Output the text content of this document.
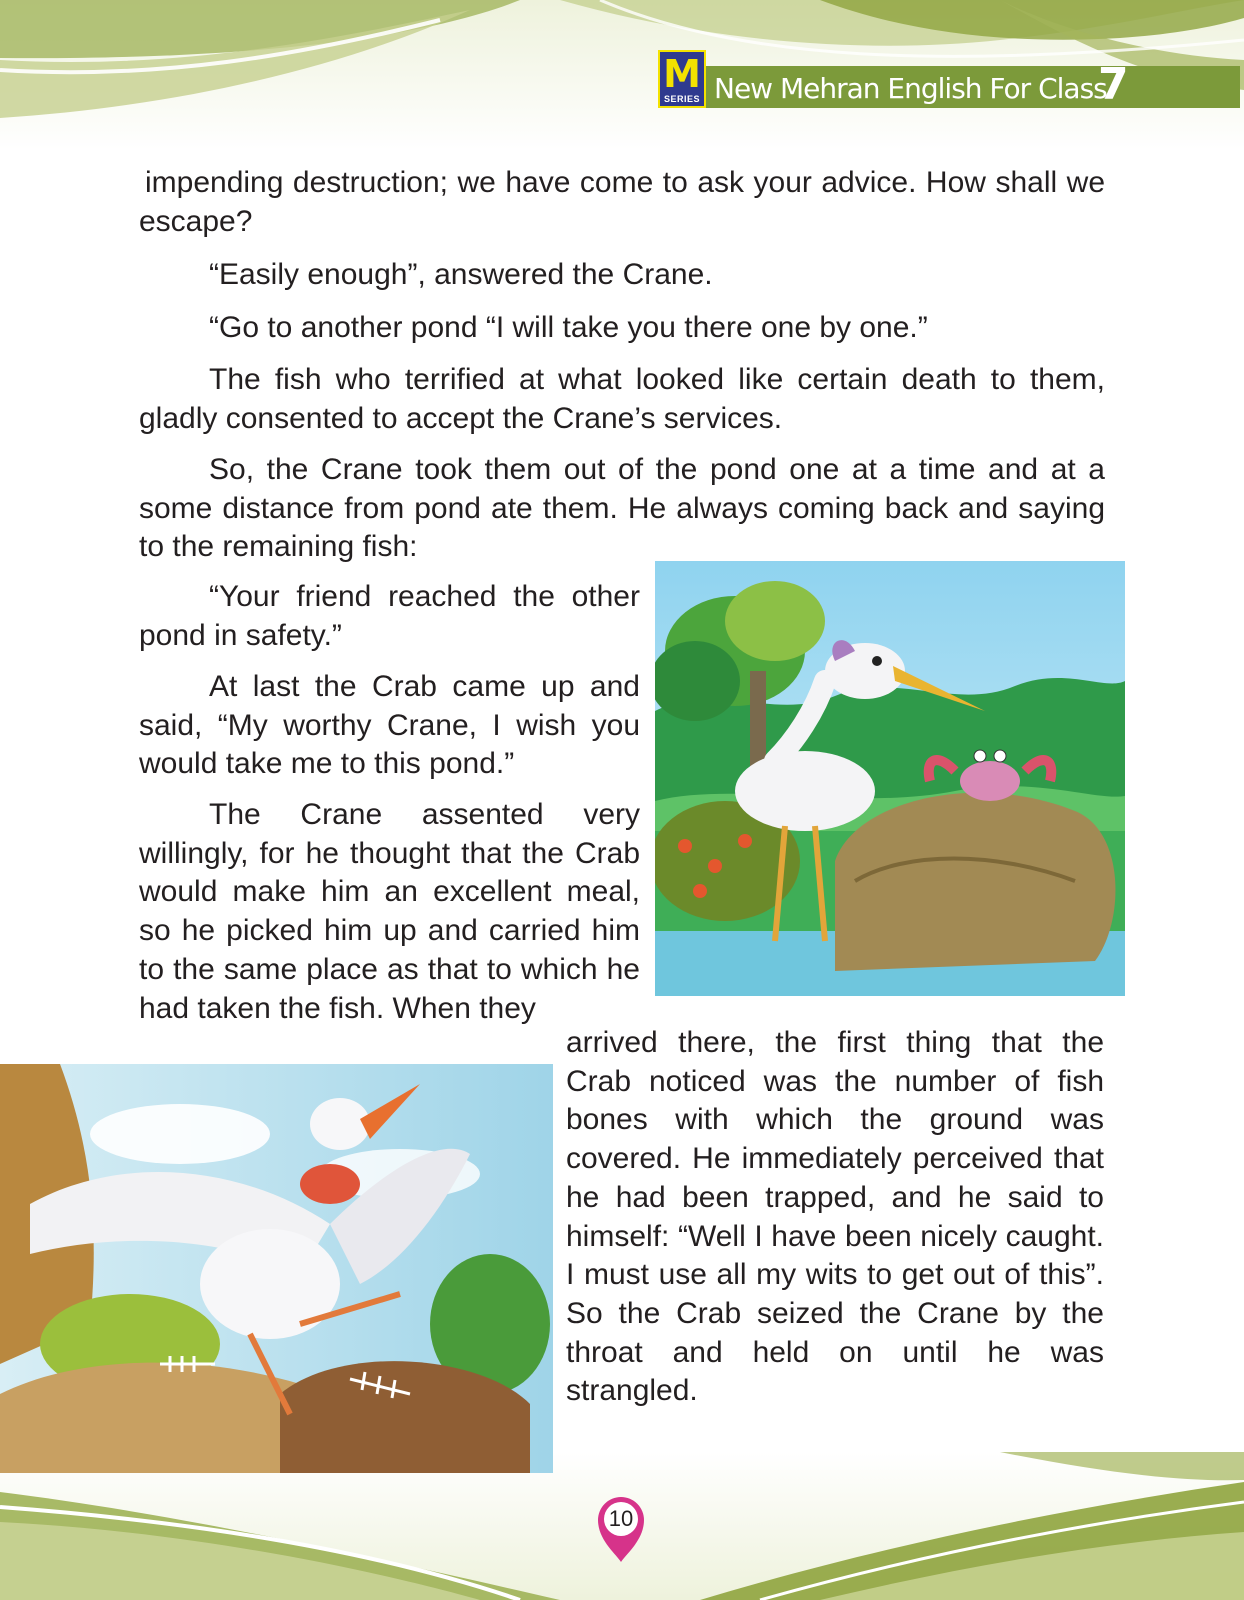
M
SERIES New Mehran English For Class
7

impending destruction; we have come to ask your advice. How shall we escape?

“Easily enough”, answered the Crane.

“Go to another pond “I will take you there one by one.”

The fish who terrified at what looked like certain death to them, gladly consented to accept the Crane’s services.

So, the Crane took them out of the pond one at a time and at a some distance from pond ate them. He always coming back and saying to the remaining fish:

“Your friend reached the other pond in safety.”

At last the Crab came up and said, “My worthy Crane, I wish you would take me to this pond.”

The Crane assented very willingly, for he thought that the Crab would make him an excellent meal, so he picked him up and carried him to the same place as that to which he had taken the fish. When they

arrived there, the first thing that the Crab noticed was the number of fish bones with which the ground was covered. He immediately perceived that he had been trapped, and he said to himself: “Well I have been nicely caught. I must use all my wits to get out of this”. So the Crab seized the Crane by the throat and held on until he was strangled.

10
